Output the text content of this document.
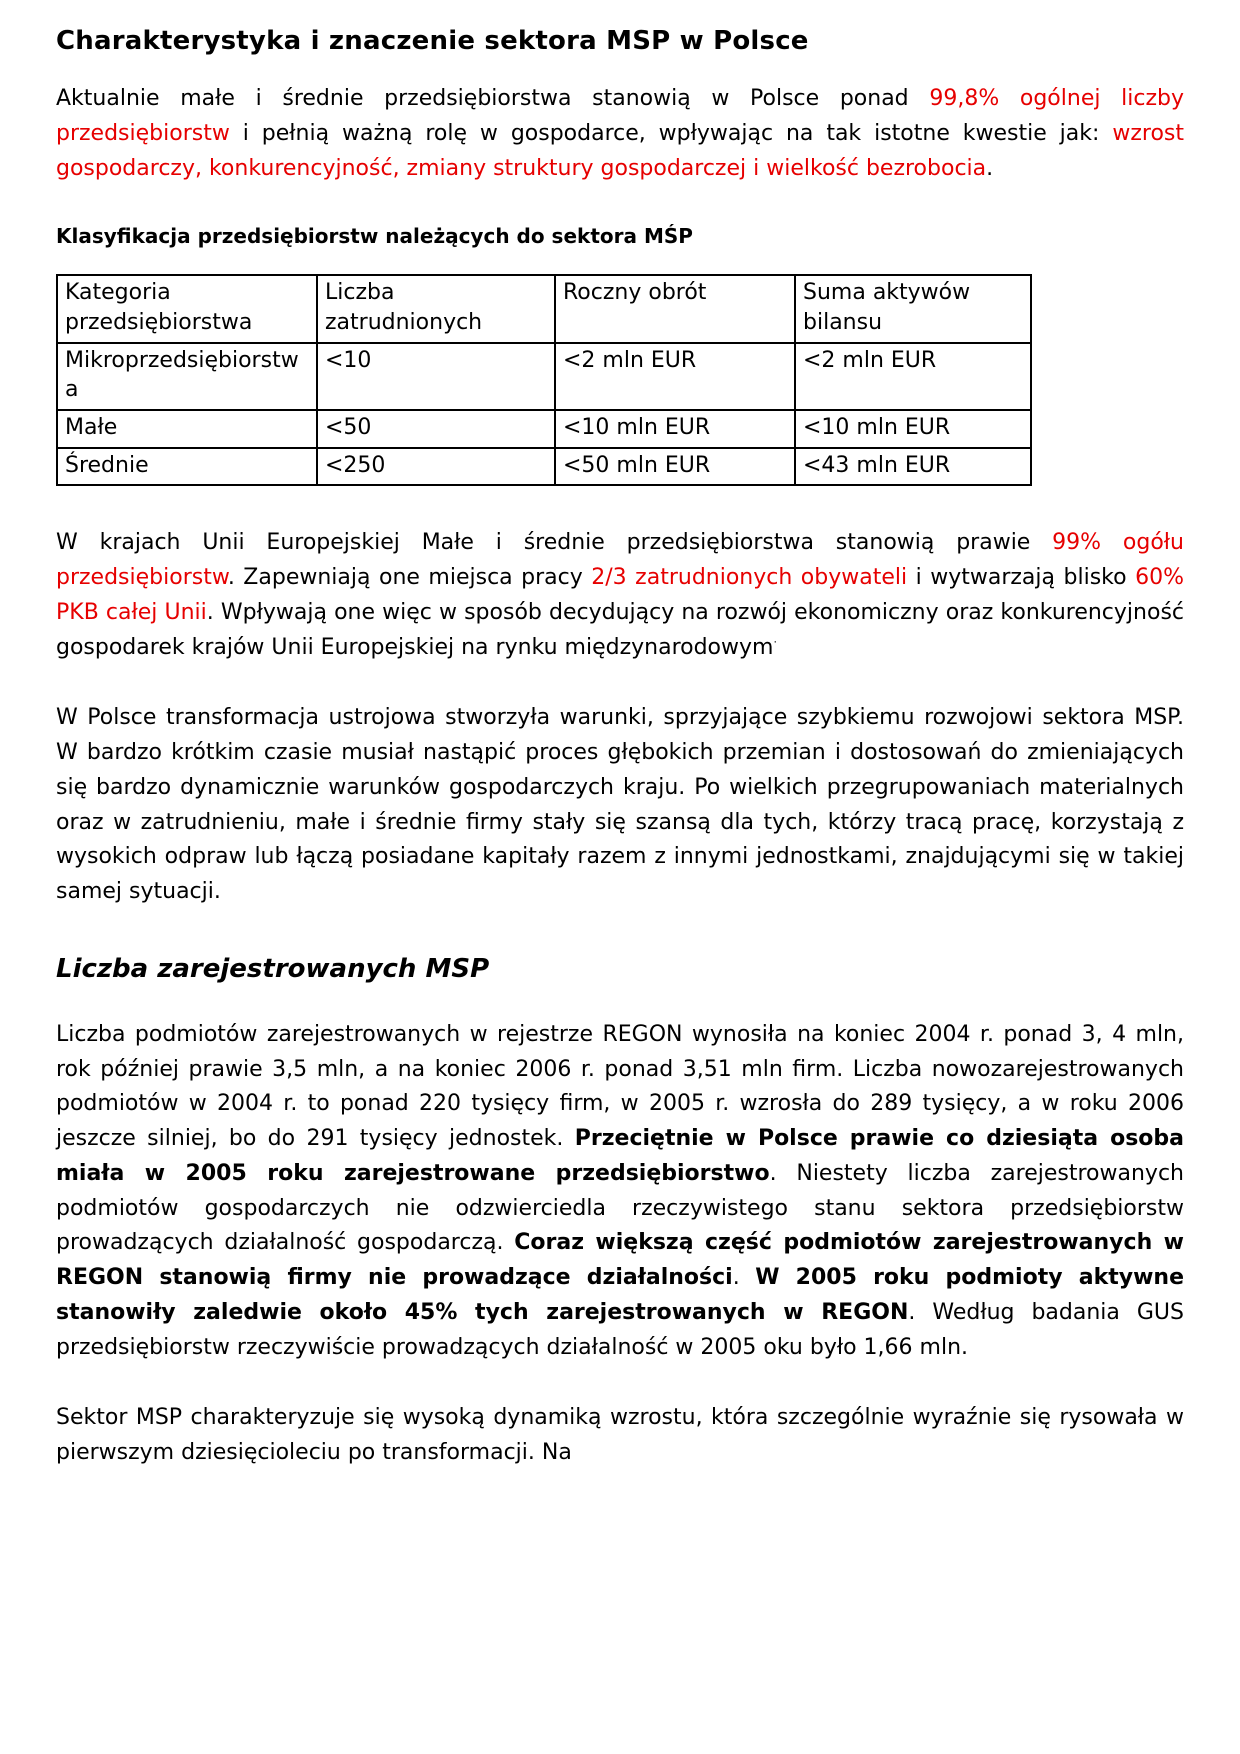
Charakterystyka i znaczenie sektora MSP w Polsce

Aktualnie małe i średnie przedsiębiorstwa stanowią w Polsce ponad 99,8% ogólnej liczby przedsiębiorstw i pełnią ważną rolę w gospodarce, wpływając na tak istotne kwestie jak: wzrost gospodarczy, konkurencyjność, zmiany struktury gospodarczej i wielkość bezrobocia.

Klasyfikacja przedsiębiorstw należących do sektora MŚP
Kategoria przedsiębiorstwa	Liczba zatrudnionych	Roczny obrót	Suma aktywów bilansu
Mikroprzedsiębiorstwa	<10	<2 mln EUR	<2 mln EUR
Małe	<50	<10 mln EUR	<10 mln EUR
Średnie	<250	<50 mln EUR	<43 mln EUR

W krajach Unii Europejskiej Małe i średnie przedsiębiorstwa stanowią prawie 99% ogółu przedsiębiorstw. Zapewniają one miejsca pracy 2/3 zatrudnionych obywateli i wytwarzają blisko 60% PKB całej Unii. Wpływają one więc w sposób decydujący na rozwój ekonomiczny oraz konkurencyjność gospodarek krajów Unii Europejskiej na rynku międzynarodowym·

W Polsce transformacja ustrojowa stworzyła warunki, sprzyjające szybkiemu rozwojowi sektora MSP. W bardzo krótkim czasie musiał nastąpić proces głębokich przemian i dostosowań do zmieniających się bardzo dynamicznie warunków gospodarczych kraju. Po wielkich przegrupowaniach materialnych oraz w zatrudnieniu, małe i średnie firmy stały się szansą dla tych, którzy tracą pracę, korzystają z wysokich odpraw lub łączą posiadane kapitały razem z innymi jednostkami, znajdującymi się w takiej samej sytuacji.

Liczba zarejestrowanych MSP

Liczba podmiotów zarejestrowanych w rejestrze REGON wynosiła na koniec 2004 r. ponad 3, 4 mln, rok później prawie 3,5 mln, a na koniec 2006 r. ponad 3,51 mln firm. Liczba nowozarejestrowanych podmiotów w 2004 r. to ponad 220 tysięcy firm, w 2005 r. wzrosła do 289 tysięcy, a w roku 2006 jeszcze silniej, bo do 291 tysięcy jednostek. Przeciętnie w Polsce prawie co dziesiąta osoba miała w 2005 roku zarejestrowane przedsiębiorstwo. Niestety liczba zarejestrowanych podmiotów gospodarczych nie odzwierciedla rzeczywistego stanu sektora przedsiębiorstw prowadzących działalność gospodarczą. Coraz większą część podmiotów zarejestrowanych w REGON stanowią firmy nie prowadzące działalności. W 2005 roku podmioty aktywne stanowiły zaledwie około 45% tych zarejestrowanych w REGON. Według badania GUS przedsiębiorstw rzeczywiście prowadzących działalność w 2005 oku było 1,66 mln.

Sektor MSP charakteryzuje się wysoką dynamiką wzrostu, która szczególnie wyraźnie się rysowała w pierwszym dziesięcioleciu po transformacji. Na
